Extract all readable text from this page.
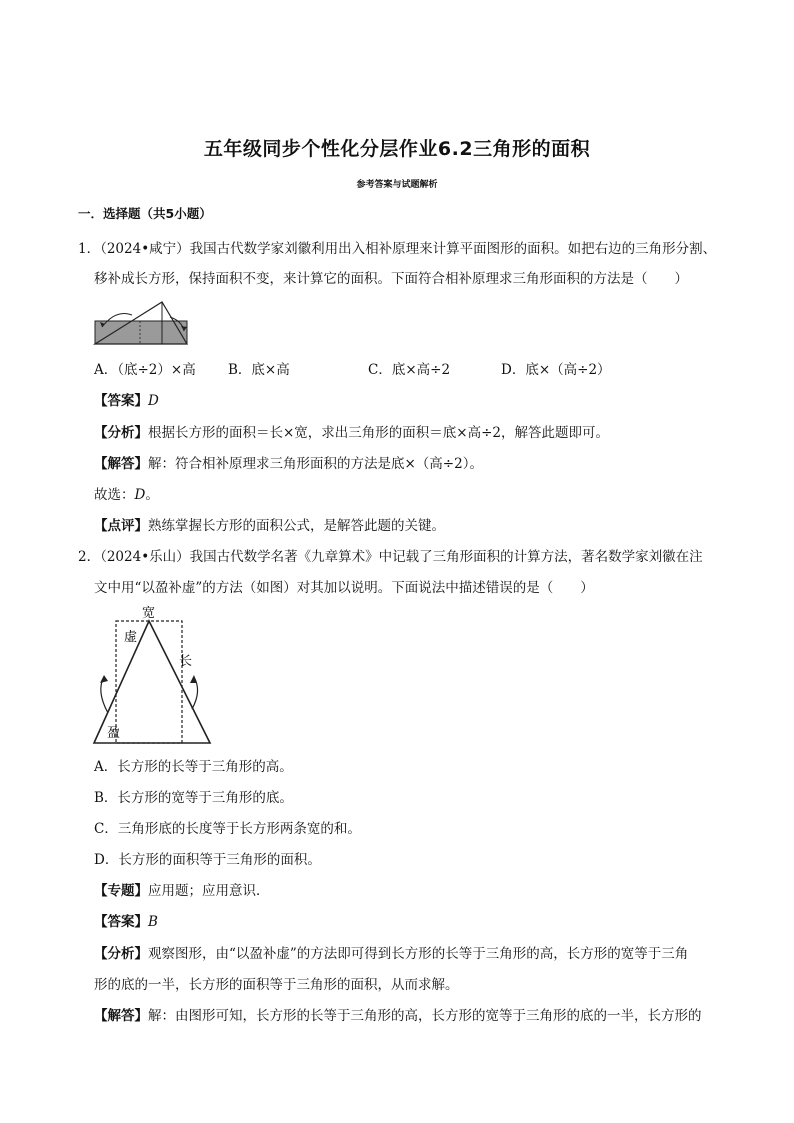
五年级同步个性化分层作业6.2三角形的面积
参考答案与试题解析
一．选择题（共5小题）
1．（2024•咸宁）我国古代数学家刘徽利用出入相补原理来计算平面图形的面积。如把右边的三角形分割、
移补成长方形，保持面积不变，来计算它的面积。下面符合相补原理求三角形面积的方法是（　　）
A．（底÷2）×高 B．底×高	C．底×高÷2	D．底×（高÷2）
【答案】D
【分析】根据长方形的面积＝长×宽，求出三角形的面积＝底×高÷2，解答此题即可。
【解答】解：符合相补原理求三角形面积的方法是底×（高÷2）。
故选：D。
【点评】熟练掌握长方形的面积公式，是解答此题的关键。
2．（2024•乐山）我国古代数学名著《九章算术》中记载了三角形面积的计算方法，著名数学家刘徽在注
文中用“以盈补虚”的方法（如图）对其加以说明。下面说法中描述错误的是（　　）
宽
虚
长
盈
A．长方形的长等于三角形的高。
B．长方形的宽等于三角形的底。
C．三角形底的长度等于长方形两条宽的和。
D．长方形的面积等于三角形的面积。
【专题】应用题；应用意识．
【答案】B
【分析】观察图形，由“以盈补虚”的方法即可得到长方形的长等于三角形的高，长方形的宽等于三角
形的底的一半，长方形的面积等于三角形的面积，从而求解。
【解答】解：由图形可知，长方形的长等于三角形的高，长方形的宽等于三角形的底的一半，长方形的
